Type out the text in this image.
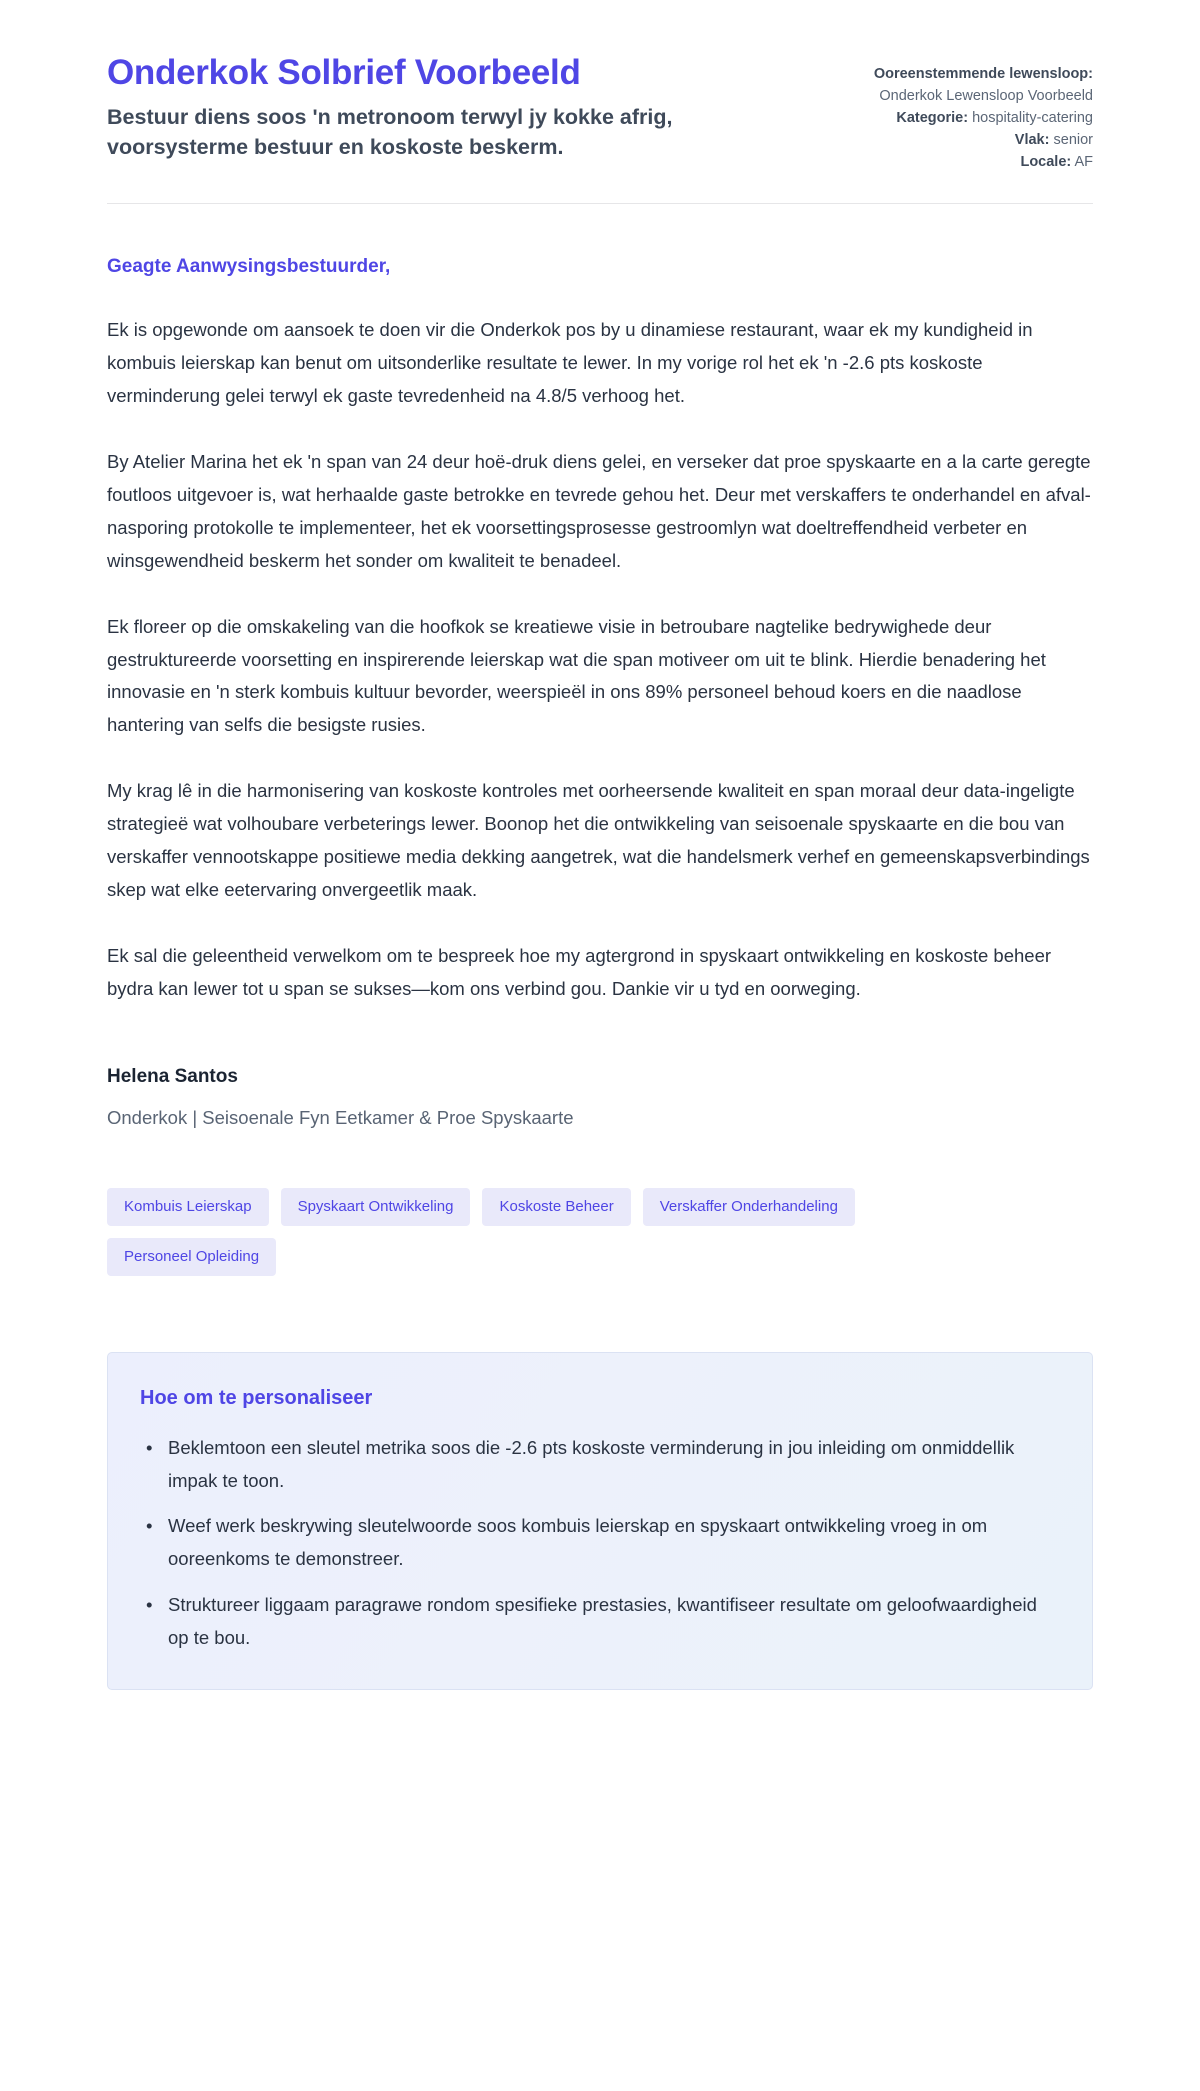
Onderkok Solbrief Voorbeeld
Bestuur diens soos 'n metronoom terwyl jy kokke afrig, voorsysterme bestuur en koskoste beskerm.
Ooreenstemmende lewensloop: Onderkok Lewensloop Voorbeeld
Kategorie: hospitality-catering
Vlak: senior
Locale: AF
Geagte Aanwysingsbestuurder,

Ek is opgewonde om aansoek te doen vir die Onderkok pos by u dinamiese restaurant, waar ek my kundigheid in kombuis leierskap kan benut om uitsonderlike resultate te lewer. In my vorige rol het ek 'n -2.6 pts koskoste verminderung gelei terwyl ek gaste tevredenheid na 4.8/5 verhoog het.

By Atelier Marina het ek 'n span van 24 deur hoë-druk diens gelei, en verseker dat proe spyskaarte en a la carte geregte foutloos uitgevoer is, wat herhaalde gaste betrokke en tevrede gehou het. Deur met verskaffers te onderhandel en afval-nasporing protokolle te implementeer, het ek voorsettingsprosesse gestroomlyn wat doeltreffendheid verbeter en winsgewendheid beskerm het sonder om kwaliteit te benadeel.

Ek floreer op die omskakeling van die hoofkok se kreatiewe visie in betroubare nagtelike bedrywighede deur gestruktureerde voorsetting en inspirerende leierskap wat die span motiveer om uit te blink. Hierdie benadering het innovasie en 'n sterk kombuis kultuur bevorder, weerspieël in ons 89% personeel behoud koers en die naadlose hantering van selfs die besigste rusies.

My krag lê in die harmonisering van koskoste kontroles met oorheersende kwaliteit en span moraal deur data-ingeligte strategieë wat volhoubare verbeterings lewer. Boonop het die ontwikkeling van seisoenale spyskaarte en die bou van verskaffer vennootskappe positiewe media dekking aangetrek, wat die handelsmerk verhef en gemeenskapsverbindings skep wat elke eetervaring onvergeetlik maak.

Ek sal die geleentheid verwelkom om te bespreek hoe my agtergrond in spyskaart ontwikkeling en koskoste beheer bydra kan lewer tot u span se sukses—kom ons verbind gou. Dankie vir u tyd en oorweging.

Helena Santos
Onderkok | Seisoenale Fyn Eetkamer & Proe Spyskaarte
Kombuis Leierskap	Spyskaart Ontwikkeling	Koskoste Beheer	Verskaffer Onderhandeling
Personeel Opleiding
Hoe om te personaliseer
• Beklemtoon een sleutel metrika soos die -2.6 pts koskoste verminderung in jou inleiding om onmiddellik impak te toon.
• Weef werk beskrywing sleutelwoorde soos kombuis leierskap en spyskaart ontwikkeling vroeg in om ooreenkoms te demonstreer.
• Struktureer liggaam paragrawe rondom spesifieke prestasies, kwantifiseer resultate om geloofwaardigheid op te bou.
